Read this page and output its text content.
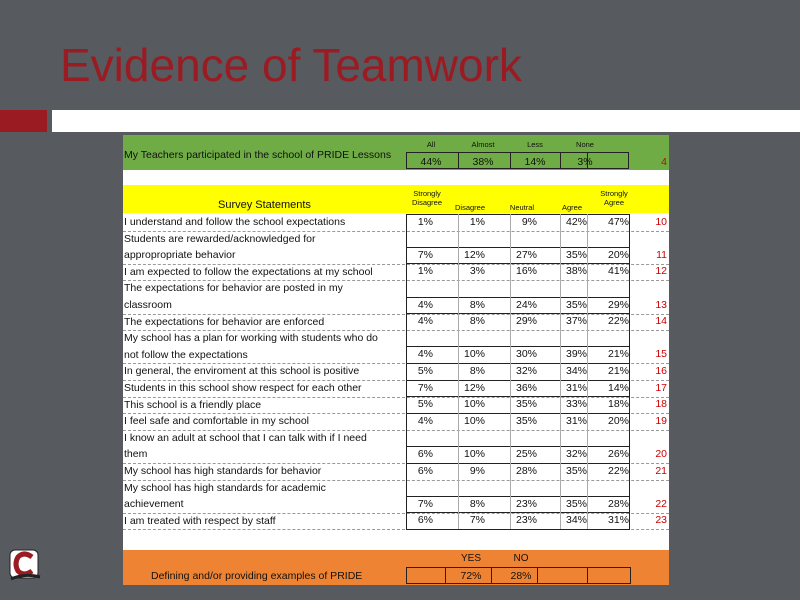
Evidence of Teamwork
My Teachers participated in the school of PRIDE Lessons
All	Almost	Less	None
44%	38%	14%	3%	4
Survey Statements
Strongly
Disagree
Disagree	Neutral	Agree
Strongly
Agree
I understand and follow the school expectations	1%	1%	9%	42%	47%	10
Students are rewarded/acknowledged for
appropropriate behavior	7%	12%	27%	35%	20%	11
I am expected to follow the expectations at my school	1%	3%	16%	38%	41%	12
The expectations for behavior are posted in my
classroom	4%	8%	24%	35%	29%	13
The expectations for behavior are enforced	4%	8%	29%	37%	22%	14
My school has a plan for working with students who do
not follow the expectations	4%	10%	30%	39%	21%	15
In general, the enviroment at this school is positive	5%	8%	32%	34%	21%	16
Students in this school show respect for each other	7%	12%	36%	31%	14%	17
This school is a friendly place	5%	10%	35%	33%	18%	18
I feel safe and comfortable in my school	4%	10%	35%	31%	20%	19
I know an adult at school that I can talk with if I need
them	6%	10%	25%	32%	26%	20
My school has high standards for behavior	6%	9%	28%	35%	22%	21
My school has high standards for academic
achievement	7%	8%	23%	35%	28%	22
I am treated with respect by staff	6%	7%	23%	34%	31%	23
YES	NO
Defining and/or providing examples of PRIDE	72%	28%
